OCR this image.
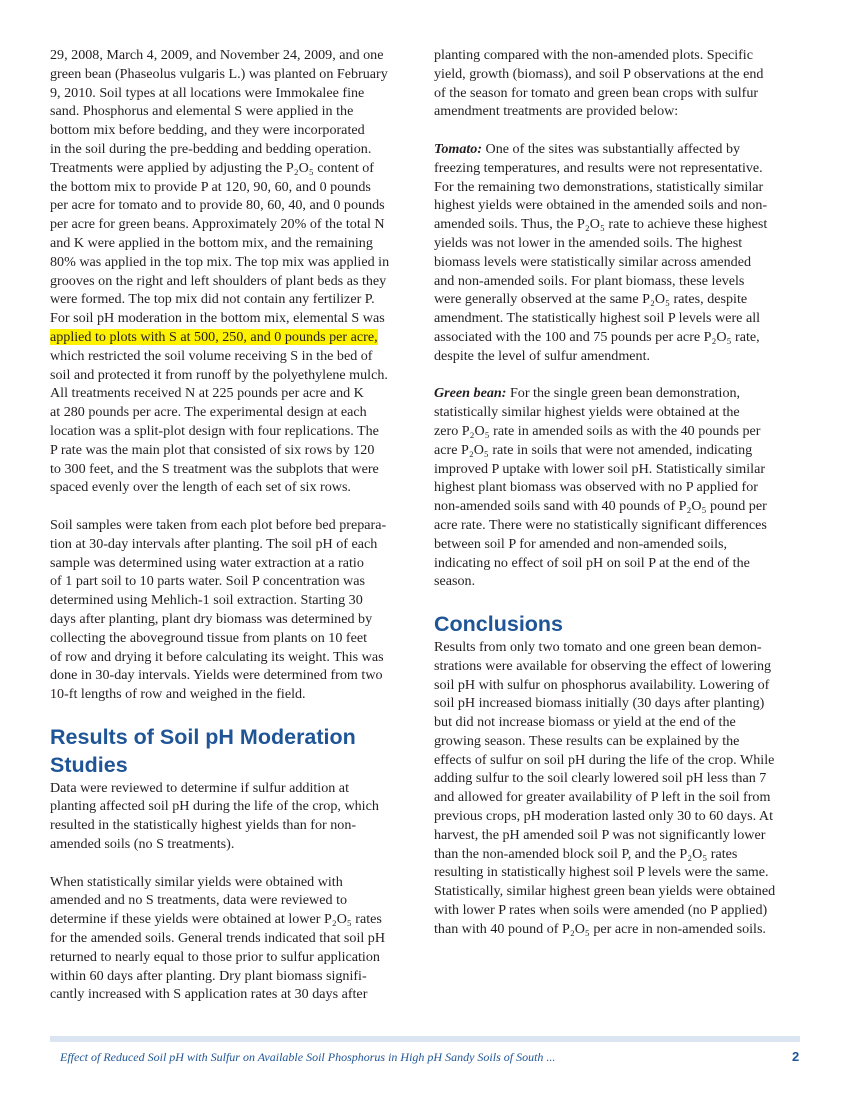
29, 2008, March 4, 2009, and November 24, 2009, and one
green bean (Phaseolus vulgaris L.) was planted on February
9, 2010. Soil types at all locations were Immokalee fine
sand. Phosphorus and elemental S were applied in the
bottom mix before bedding, and they were incorporated
in the soil during the pre-bedding and bedding operation.
Treatments were applied by adjusting the P₂O₅ content of
the bottom mix to provide P at 120, 90, 60, and 0 pounds
per acre for tomato and to provide 80, 60, 40, and 0 pounds
per acre for green beans. Approximately 20% of the total N
and K were applied in the bottom mix, and the remaining
80% was applied in the top mix. The top mix was applied in
grooves on the right and left shoulders of plant beds as they
were formed. The top mix did not contain any fertilizer P.
For soil pH moderation in the bottom mix, elemental S was
applied to plots with S at 500, 250, and 0 pounds per acre,
which restricted the soil volume receiving S in the bed of
soil and protected it from runoff by the polyethylene mulch.
All treatments received N at 225 pounds per acre and K
at 280 pounds per acre. The experimental design at each
location was a split-plot design with four replications. The
P rate was the main plot that consisted of six rows by 120
to 300 feet, and the S treatment was the subplots that were
spaced evenly over the length of each set of six rows.

Soil samples were taken from each plot before bed prepara-
tion at 30-day intervals after planting. The soil pH of each
sample was determined using water extraction at a ratio
of 1 part soil to 10 parts water. Soil P concentration was
determined using Mehlich-1 soil extraction. Starting 30
days after planting, plant dry biomass was determined by
collecting the aboveground tissue from plants on 10 feet
of row and drying it before calculating its weight. This was
done in 30-day intervals. Yields were determined from two
10-ft lengths of row and weighed in the field.

Results of Soil pH Moderation
Studies

Data were reviewed to determine if sulfur addition at
planting affected soil pH during the life of the crop, which
resulted in the statistically highest yields than for non-
amended soils (no S treatments).

When statistically similar yields were obtained with
amended and no S treatments, data were reviewed to
determine if these yields were obtained at lower P₂O₅ rates
for the amended soils. General trends indicated that soil pH
returned to nearly equal to those prior to sulfur application
within 60 days after planting. Dry plant biomass signifi-
cantly increased with S application rates at 30 days after

planting compared with the non-amended plots. Specific
yield, growth (biomass), and soil P observations at the end
of the season for tomato and green bean crops with sulfur
amendment treatments are provided below:

Tomato: One of the sites was substantially affected by
freezing temperatures, and results were not representative.
For the remaining two demonstrations, statistically similar
highest yields were obtained in the amended soils and non-
amended soils. Thus, the P₂O₅ rate to achieve these highest
yields was not lower in the amended soils. The highest
biomass levels were statistically similar across amended
and non-amended soils. For plant biomass, these levels
were generally observed at the same P₂O₅ rates, despite
amendment. The statistically highest soil P levels were all
associated with the 100 and 75 pounds per acre P₂O₅ rate,
despite the level of sulfur amendment.

Green bean: For the single green bean demonstration,
statistically similar highest yields were obtained at the
zero P₂O₅ rate in amended soils as with the 40 pounds per
acre P₂O₅ rate in soils that were not amended, indicating
improved P uptake with lower soil pH. Statistically similar
highest plant biomass was observed with no P applied for
non-amended soils sand with 40 pounds of P₂O₅ pound per
acre rate. There were no statistically significant differences
between soil P for amended and non-amended soils,
indicating no effect of soil pH on soil P at the end of the
season.

Conclusions

Results from only two tomato and one green bean demon-
strations were available for observing the effect of lowering
soil pH with sulfur on phosphorus availability. Lowering of
soil pH increased biomass initially (30 days after planting)
but did not increase biomass or yield at the end of the
growing season. These results can be explained by the
effects of sulfur on soil pH during the life of the crop. While
adding sulfur to the soil clearly lowered soil pH less than 7
and allowed for greater availability of P left in the soil from
previous crops, pH moderation lasted only 30 to 60 days. At
harvest, the pH amended soil P was not significantly lower
than the non-amended block soil P, and the P₂O₅ rates
resulting in statistically highest soil P levels were the same.
Statistically, similar highest green bean yields were obtained
with lower P rates when soils were amended (no P applied)
than with 40 pound of P₂O₅ per acre in non-amended soils.

Effect of Reduced Soil pH with Sulfur on Available Soil Phosphorus in High pH Sandy Soils of South ...	2
